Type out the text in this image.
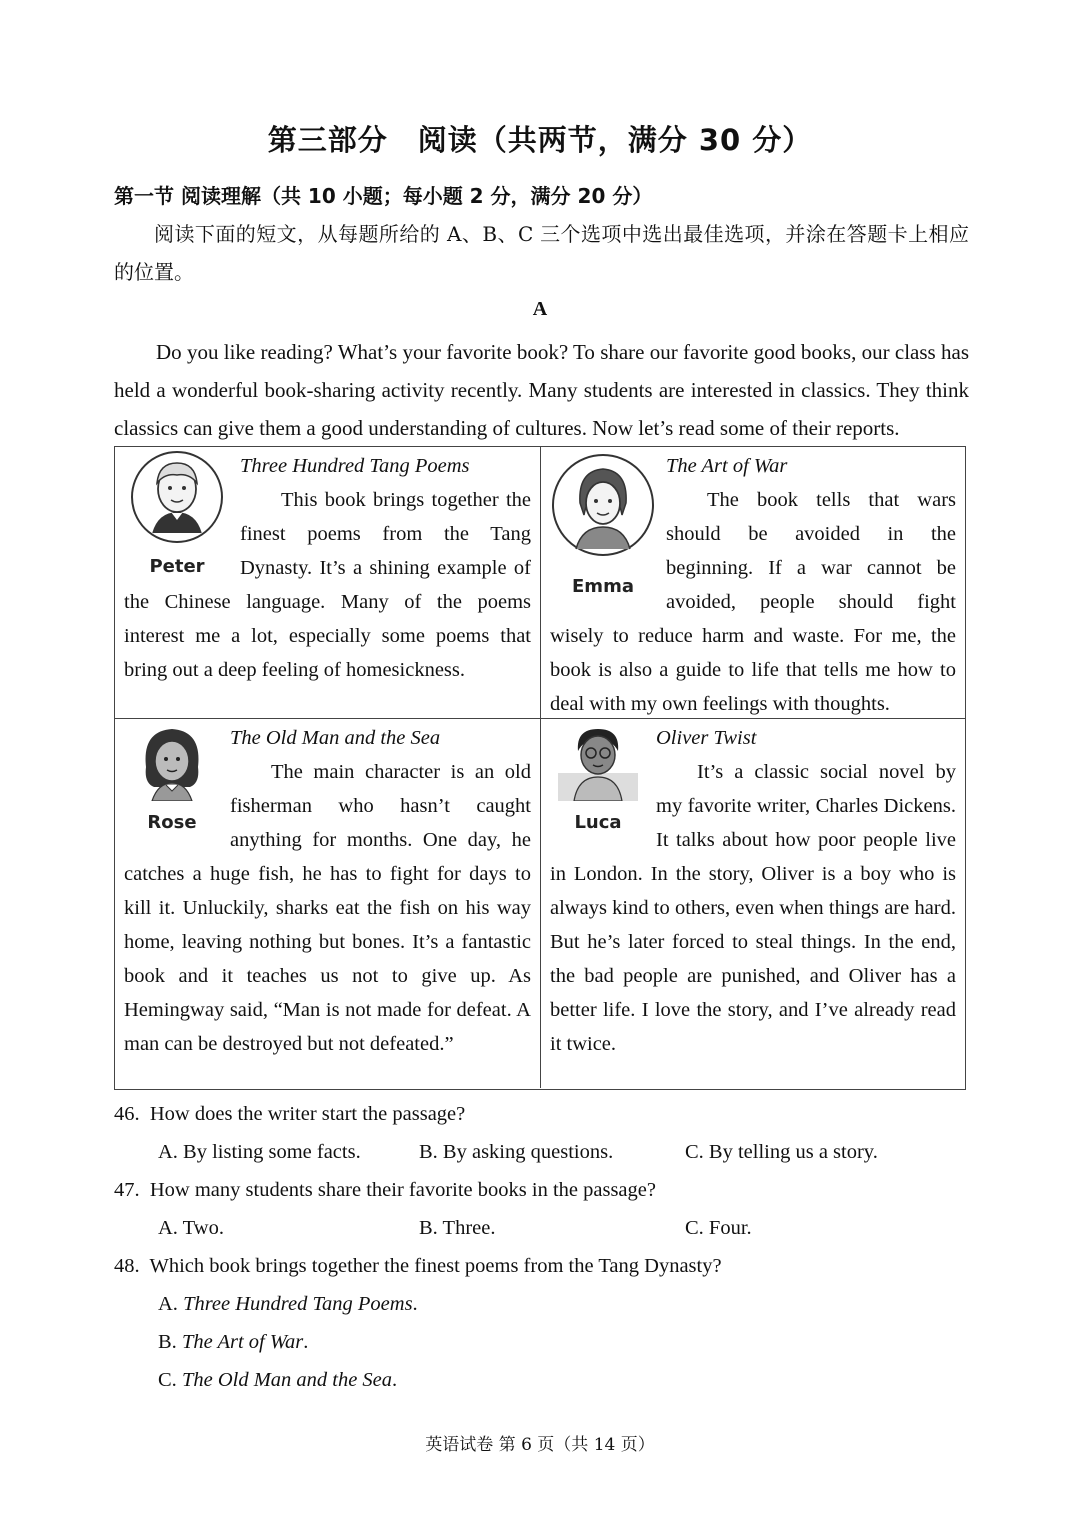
第三部分　阅读（共两节，满分 30 分）
第一节 阅读理解（共 10 小题；每小题 2 分，满分 20 分）
阅读下面的短文，从每题所给的 A、B、C 三个选项中选出最佳选项，并涂在答题卡上相应的位置。
A
Do you like reading? What’s your favorite book? To share our favorite good books, our class has held a wonderful book-sharing activity recently. Many students are interested in classics. They think classics can give them a good understanding of cultures. Now let’s read some of their reports.
Peter
Three Hundred Tang Poems
This book brings together the finest poems from the Tang Dynasty. It’s a shining example of the Chinese language. Many of the poems interest me a lot, especially some poems that bring out a deep feeling of homesickness.
Emma
The Art of War
The book tells that wars should be avoided in the beginning. If a war cannot be avoided, people should fight wisely to reduce harm and waste. For me, the book is also a guide to life that tells me how to deal with my own feelings with thoughts.
Rose
The Old Man and the Sea
The main character is an old fisherman who hasn’t caught anything for months. One day, he catches a huge fish, he has to fight for days to kill it. Unluckily, sharks eat the fish on his way home, leaving nothing but bones. It’s a fantastic book and it teaches us not to give up. As Hemingway said, “Man is not made for defeat. A man can be destroyed but not defeated.”
Luca
Oliver Twist
It’s a classic social novel by my favorite writer, Charles Dickens. It talks about how poor people live in London. In the story, Oliver is a boy who is always kind to others, even when things are hard. But he’s later forced to steal things. In the end, the bad people are punished, and Oliver has a better life. I love the story, and I’ve already read it twice.
46. How does the writer start the passage?
A. By listing some facts.	B. By asking questions.	C. By telling us a story.
47. How many students share their favorite books in the passage?
A. Two.	B. Three.	C. Four.
48. Which book brings together the finest poems from the Tang Dynasty?
A. Three Hundred Tang Poems.
B. The Art of War.
C. The Old Man and the Sea.
英语试卷 第 6 页（共 14 页）
